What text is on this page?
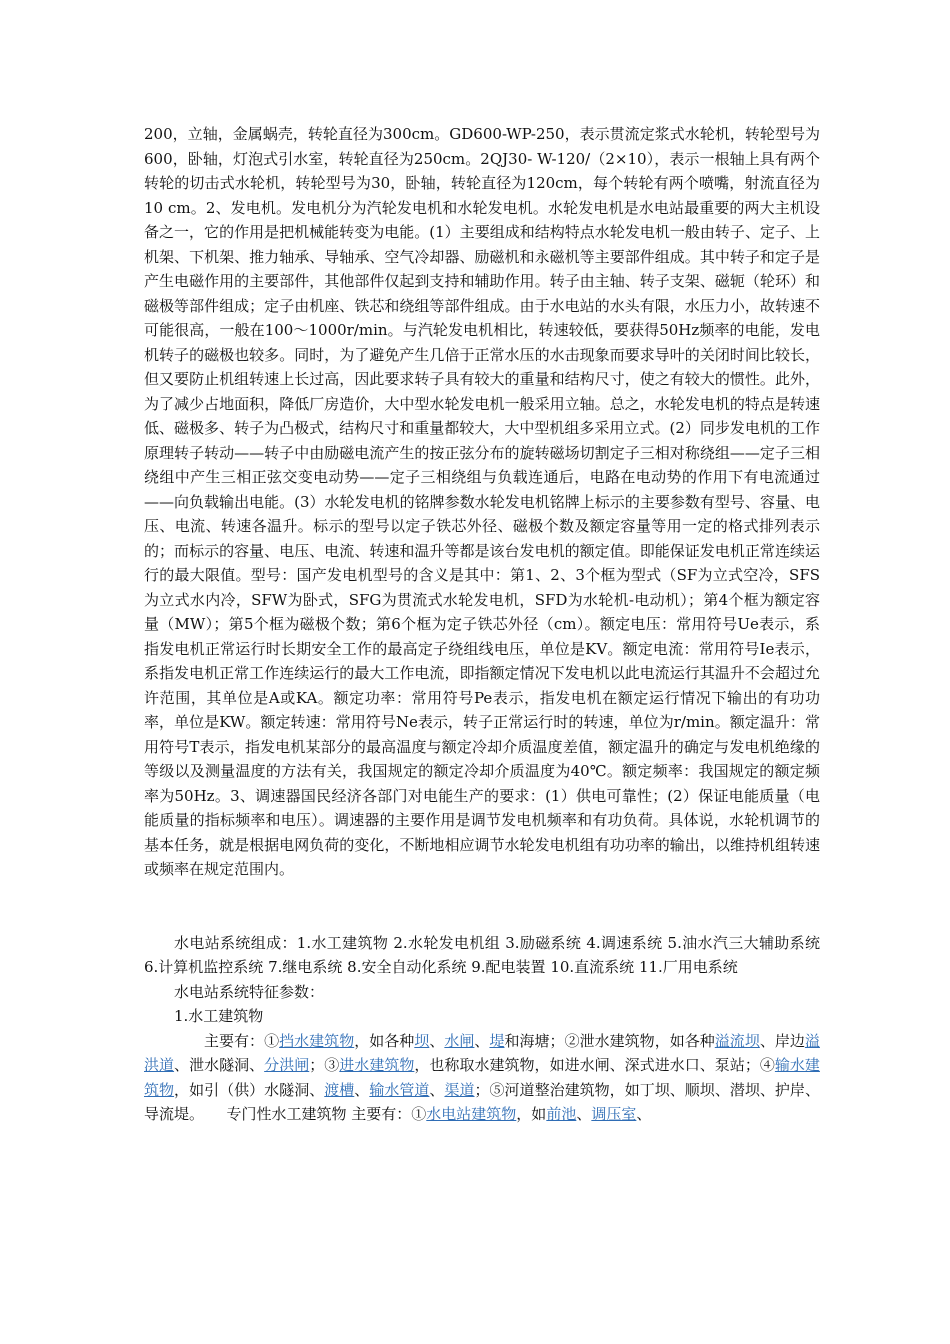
200，立轴，金属蜗壳，转轮直径为300cm。GD600-WP-250，表示贯流定浆式水轮机，转轮型号为600，卧轴，灯泡式引水室，转轮直径为250cm。2QJ30- W-120/（2×10），表示一根轴上具有两个转轮的切击式水轮机，转轮型号为30，卧轴，转轮直径为120cm，每个转轮有两个喷嘴，射流直径为10 cm。2、发电机。发电机分为汽轮发电机和水轮发电机。水轮发电机是水电站最重要的两大主机设备之一，它的作用是把机械能转变为电能。(1）主要组成和结构特点水轮发电机一般由转子、定子、上机架、下机架、推力轴承、导轴承、空气冷却器、励磁机和永磁机等主要部件组成。其中转子和定子是产生电磁作用的主要部件，其他部件仅起到支持和辅助作用。转子由主轴、转子支架、磁轭（轮环）和磁极等部件组成；定子由机座、铁芯和绕组等部件组成。由于水电站的水头有限，水压力小，故转速不可能很高，一般在100～1000r/min。与汽轮发电机相比，转速较低，要获得50Hz频率的电能，发电机转子的磁极也较多。同时，为了避免产生几倍于正常水压的水击现象而要求导叶的关闭时间比较长，但又要防止机组转速上长过高，因此要求转子具有较大的重量和结构尺寸，使之有较大的惯性。此外，为了减少占地面积，降低厂房造价，大中型水轮发电机一般采用立轴。总之，水轮发电机的特点是转速低、磁极多、转子为凸极式，结构尺寸和重量都较大，大中型机组多采用立式。(2）同步发电机的工作原理转子转动——转子中由励磁电流产生的按正弦分布的旋转磁场切割定子三相对称绕组——定子三相绕组中产生三相正弦交变电动势——定子三相绕组与负载连通后，电路在电动势的作用下有电流通过——向负载输出电能。(3）水轮发电机的铭牌参数水轮发电机铭牌上标示的主要参数有型号、容量、电压、电流、转速各温升。标示的型号以定子铁芯外径、磁极个数及额定容量等用一定的格式排列表示的；而标示的容量、电压、电流、转速和温升等都是该台发电机的额定值。即能保证发电机正常连续运行的最大限值。型号：国产发电机型号的含义是其中：第1、2、3个框为型式（SF为立式空冷，SFS为立式水内冷，SFW为卧式，SFG为贯流式水轮发电机，SFD为水轮机-电动机）；第4个框为额定容量（MW）；第5个框为磁极个数；第6个框为定子铁芯外径（cm）。额定电压：常用符号Ue表示，系指发电机正常运行时长期安全工作的最高定子绕组线电压，单位是KV。额定电流：常用符号Ie表示，系指发电机正常工作连续运行的最大工作电流，即指额定情况下发电机以此电流运行其温升不会超过允许范围，其单位是A或KA。额定功率：常用符号Pe表示，指发电机在额定运行情况下输出的有功功率，单位是KW。额定转速：常用符号Ne表示，转子正常运行时的转速，单位为r/min。额定温升：常用符号T表示，指发电机某部分的最高温度与额定冷却介质温度差值，额定温升的确定与发电机绝缘的等级以及测量温度的方法有关，我国规定的额定冷却介质温度为40℃。额定频率：我国规定的额定频率为50Hz。3、调速器国民经济各部门对电能生产的要求：(1）供电可靠性；(2）保证电能质量（电能质量的指标频率和电压）。调速器的主要作用是调节发电机频率和有功负荷。具体说，水轮机调节的基本任务，就是根据电网负荷的变化，不断地相应调节水轮发电机组有功功率的输出，以维持机组转速或频率在规定范围内。

水电站系统组成：1.水工建筑物 2.水轮发电机组 3.励磁系统 4.调速系统 5.油水汽三大辅助系统 6.计算机监控系统 7.继电系统 8.安全自动化系统 9.配电装置 10.直流系统 11.厂用电系统

水电站系统特征参数：

1.水工建筑物

主要有：①挡水建筑物，如各种坝、水闸、堤和海塘；②泄水建筑物，如各种溢流坝、岸边溢洪道、泄水隧洞、分洪闸；③进水建筑物，也称取水建筑物，如进水闸、深式进水口、泵站；④输水建筑物，如引（供）水隧洞、渡槽、输水管道、渠道；⑤河道整治建筑物，如丁坝、顺坝、潜坝、护岸、导流堤。　　专门性水工建筑物 主要有：①水电站建筑物，如前池、调压室、
